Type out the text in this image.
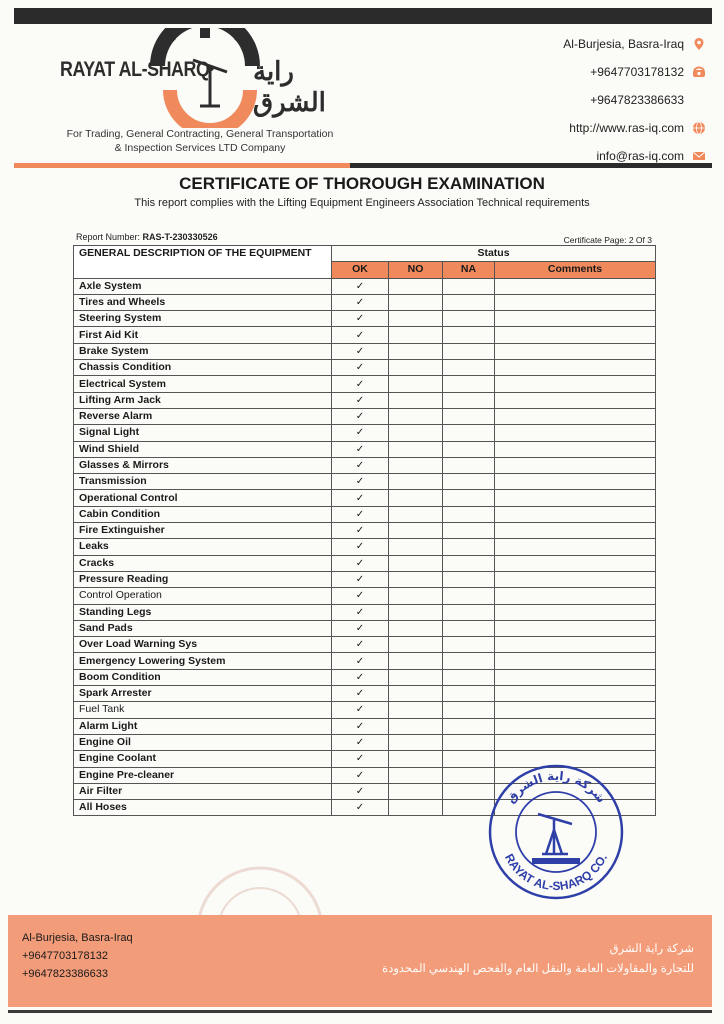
RAYAT AL-SHARQ راية الشرق
For Trading, General Contracting, General Transportation
& Inspection Services LTD Company
Al-Burjesia, Basra-Iraq
+9647703178132
+9647823386633
http://www.ras-iq.com
info@ras-iq.com
CERTIFICATE OF THOROUGH EXAMINATION
This report complies with the Lifting Equipment Engineers Association Technical requirements
Report Number: RAS-T-230330526	Certificate Page: 2 Of 3
GENERAL DESCRIPTION OF THE EQUIPMENT	Status			
	OK	NO	NA	Comments
Axle System	✓			
Tires and Wheels	✓			
Steering System	✓			
First Aid Kit	✓			
Brake System	✓			
Chassis Condition	✓			
Electrical System	✓			
Lifting Arm Jack	✓			
Reverse Alarm	✓			
Signal Light	✓			
Wind Shield	✓			
Glasses & Mirrors	✓			
Transmission	✓			
Operational Control	✓			
Cabin Condition	✓			
Fire Extinguisher	✓			
Leaks	✓			
Cracks	✓			
Pressure Reading	✓			
Control Operation	✓			
Standing Legs	✓			
Sand Pads	✓			
Over Load Warning Sys	✓			
Emergency Lowering System	✓			
Boom Condition	✓			
Spark Arrester	✓			
Fuel Tank	✓			
Alarm Light	✓			
Engine Oil	✓			
Engine Coolant	✓			
Engine Pre-cleaner	✓			
Air Filter	✓			
All Hoses	✓			
شركة راية الشرق
RAYAT AL-SHARQ CO.
Al-Burjesia, Basra-Iraq
+9647703178132
+9647823386633
شركة راية الشرق
للتجارة والمقاولات العامة والنقل العام والفحص الهندسي المحدودة
